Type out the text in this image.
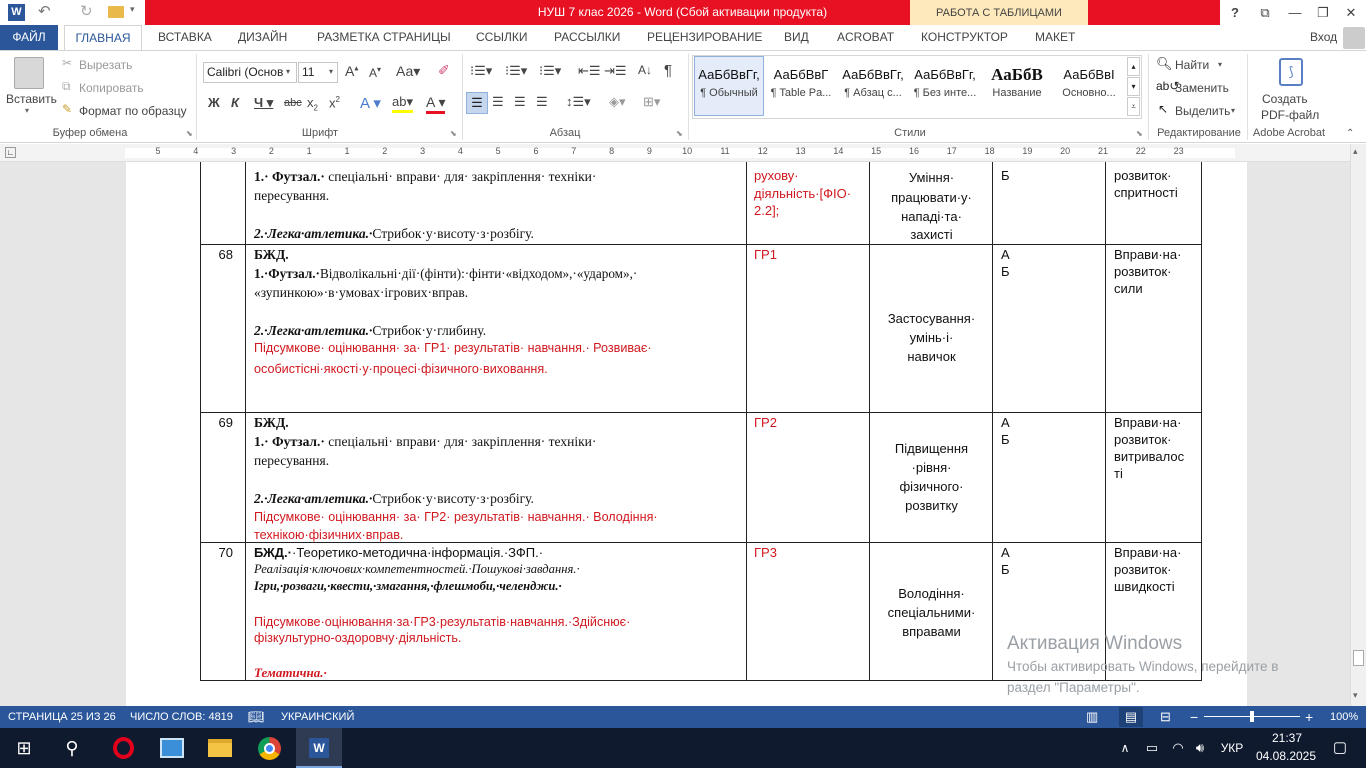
W ↶ ↻	▾	НУШ 7 клас 2026 - Word (Сбой активации продукта)	РАБОТА С ТАБЛИЦАМИ	?	⧉	—	❐	✕
ФАЙЛ	ГЛАВНАЯ	ВСТАВКА	ДИЗАЙН	РАЗМЕТКА СТРАНИЦЫ	ССЫЛКИ	РАССЫЛКИ	РЕЦЕНЗИРОВАНИЕ	ВИД	ACROBAT	КОНСТРУКТОР	МАКЕТ	Вход
Вставить
▾
✂ Вырезать
⧉ Копировать
✎ Формат по образцу
Буфер обмена	⬊
Calibri (Основ ▾ 11	▾ A▴ A▾ Аа▾ ✐
Ж К Ч ▾ abc $x_2$ $x^2$ A ▾ ab▾ A ▾
Шрифт	⬊
⁝☰▾ ⁝☰▾ ⁝☰▾ ⇤☰ ⇥☰ A↓ ¶
☰ ☰ ☰ ☰ ↕☰▾ ◈▾ ⊞▾
Абзац	⬊
АаБбВвГг,
¶ Обычный
АаБбВвГ
¶ Table Pa...
АаБбВвГг,
¶ Абзац с...
АаБбВвГг,
¶ Без инте...
АаБбВ
Название
АаБбВвI
Основно...
▴
▾
⩡
Стили	⬊
🔍︎ Найти ▾
ab↺
Заменить
↖ Выделить ▾
Редактирование
⟆
Создать
PDF-файл
Adobe Acrobat	⌃
∟	5	4	3	2	1	1	2	3	4	5	6	7	8	9	10	11	12	13	14	15	16	17	18	19	20	21	22	23	▴
▾
1.· Футзал.· спеціальні· вправи· для· закріплення· техніки·
пересування.
2.·Легка·атлетика.·Стрибок·у·висоту·з·розбігу.
рухову·
діяльність·[ФІО·
2.2];
Уміння·
працювати·у·
нападі·та·
захисті
Б	розвиток·
спритності
68 БЖД.
1.·Футзал.·Відволікальні·дії·(фінти):·фінти·«відходом»,·«ударом»,·
«зупинкою»·в·умовах·ігрових·вправ.
2.·Легка·атлетика.·Стрибок·у·глибину.
Підсумкове· оцінювання· за· ГР1· результатів· навчання.· Розвиває·
особистісні·якості·у·процесі·фізичного·виховання.
ГР1
Застосування·
умінь·і·
навичок
А
Б
Вправи·на·
розвиток·
сили
69 БЖД.
1.· Футзал.· спеціальні· вправи· для· закріплення· техніки·
пересування.
2.·Легка·атлетика.·Стрибок·у·висоту·з·розбігу.
Підсумкове· оцінювання· за· ГР2· результатів· навчання.· Володіння·
технікою·фізичних·вправ.
ГР2
Підвищення
·рівня·
фізичного·
розвитку
А
Б
Вправи·на·
розвиток·
витривалос
ті
70 БЖД.··Теоретико-методична·інформація.·ЗФП.·
Реалізація·ключових·компетентностей.·Пошукові·завдання.·
Ігри,·розваги,·квести,·змагання,·флешмоби,·челенджи.·
Підсумкове·оцінювання·за·ГР3·результатів·навчання.·Здійснює·
фізкультурно-оздоровчу·діяльність.
Тематична.·
ГР3
Володіння·
спеціальними·
вправами
А
Б
Вправи·на·
розвиток·
швидкості
Активация Windows
Чтобы активировать Windows, перейдите в
раздел "Параметры".
СТРАНИЦА 25 ИЗ 26 ЧИСЛО СЛОВ: 4819 📖︎ УКРАИНСКИЙ	▥	▤	⊟ −	+ 100%
⊞	⚲	W	∧	▭	◠ 🔊︎	УКР
21:37
04.08.2025	▢
